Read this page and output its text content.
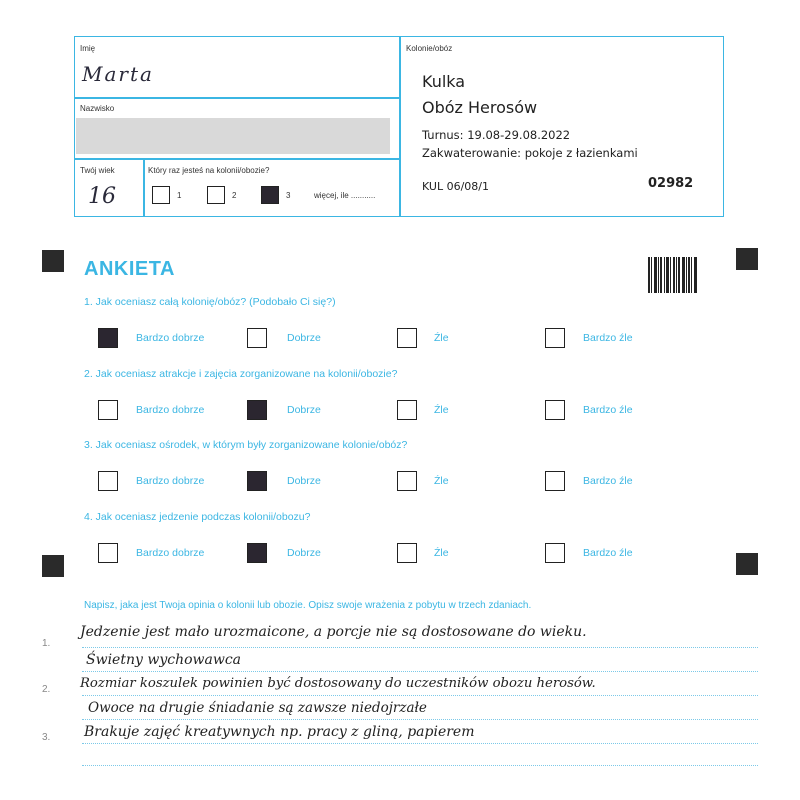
Imię
Marta
Nazwisko
Twój wiek
16
Który raz jesteś na kolonii/obozie?
1	2	3	więcej, ile ...........
Kolonie/obóz
Kulka
Obóz Herosów
Turnus: 19.08-29.08.2022
Zakwaterowanie: pokoje z łazienkami
KUL 06/08/1	02982
ANKIETA
1. Jak oceniasz całą kolonię/obóz? (Podobało Ci się?)
Bardzo dobrze	Dobrze	Źle	Bardzo źle
2. Jak oceniasz atrakcje i zajęcia zorganizowane na kolonii/obozie?
Bardzo dobrze	Dobrze	Źle	Bardzo źle
3. Jak oceniasz ośrodek, w którym były zorganizowane kolonie/obóz?
Bardzo dobrze	Dobrze	Źle	Bardzo źle
4. Jak oceniasz jedzenie podczas kolonii/obozu?
Bardzo dobrze	Dobrze	Źle	Bardzo źle
Napisz, jaka jest Twoja opinia o kolonii lub obozie. Opisz swoje wrażenia z pobytu w trzech zdaniach.
1.
2.
3.
Jedzenie jest mało urozmaicone, a porcje nie są dostosowane do wieku.
Świetny wychowawca
Rozmiar koszulek powinien być dostosowany do uczestników obozu herosów.
Owoce na drugie śniadanie są zawsze niedojrzałe
Brakuje zajęć kreatywnych np. pracy z gliną, papierem
